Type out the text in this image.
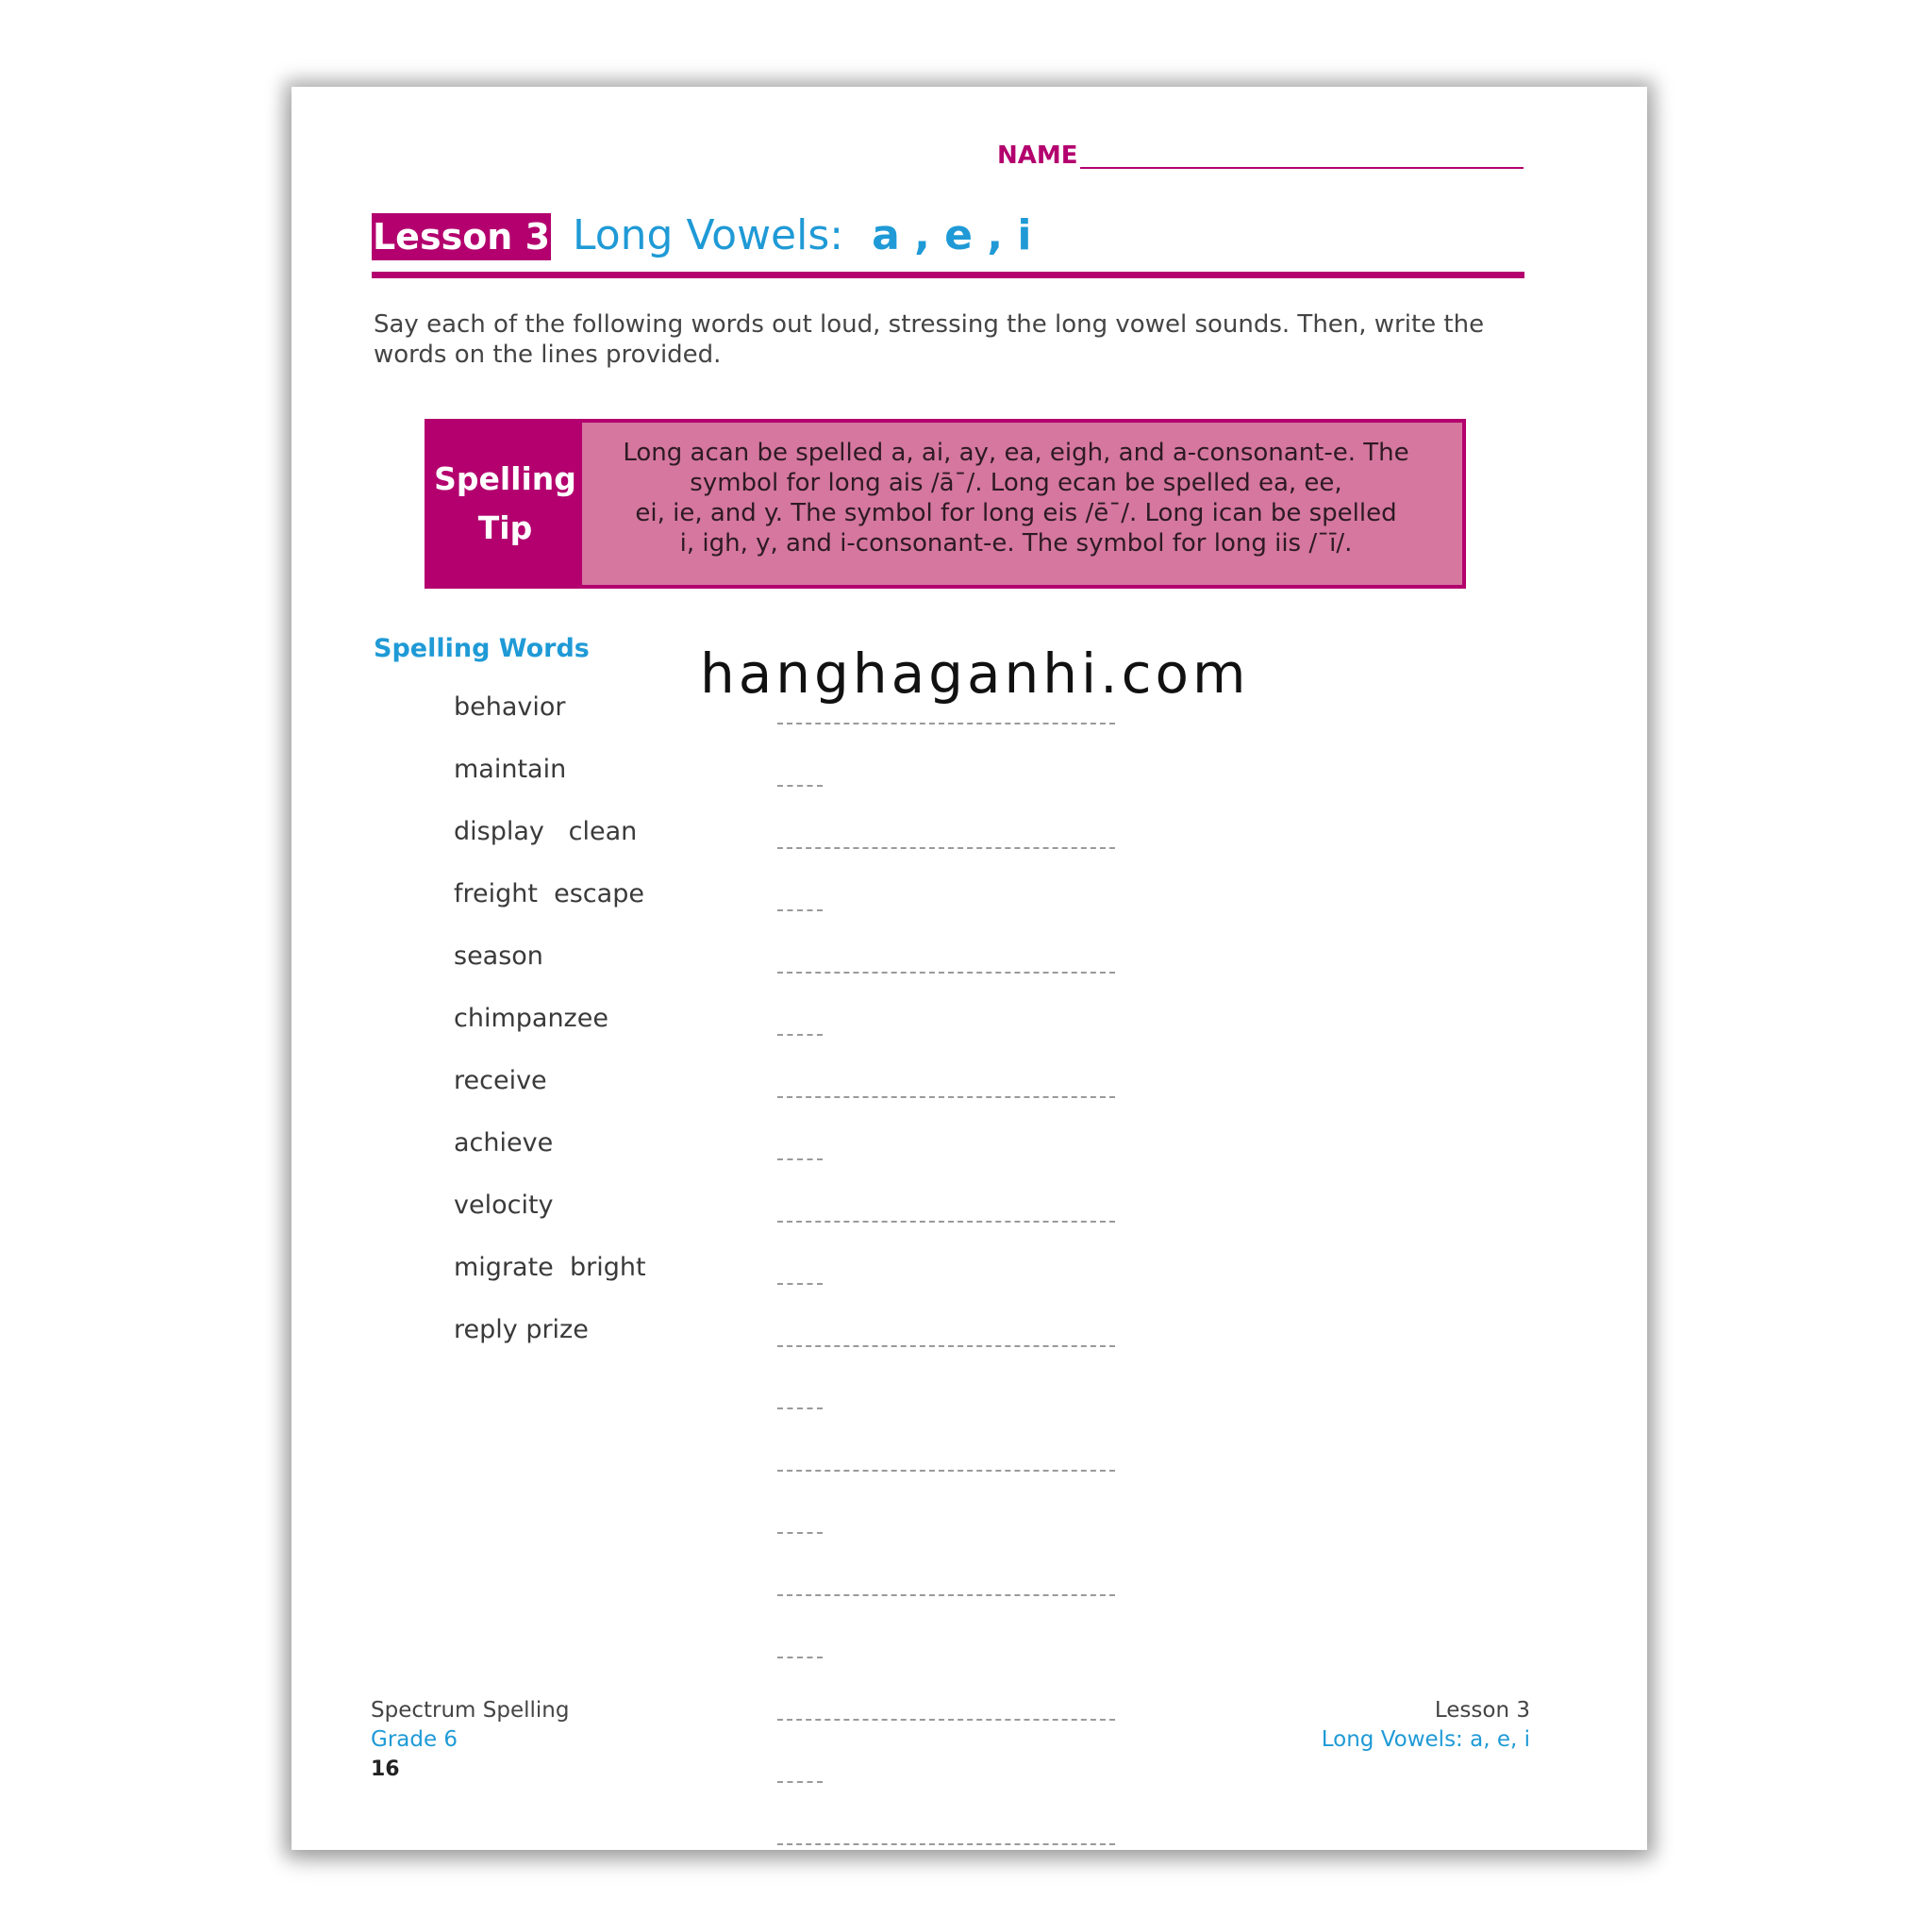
NAME
Lesson 3 Long Vowels: a , e , i
Say each of the following words out loud, stressing the long vowel sounds. Then, write the words on the lines provided.
Spelling
Tip
Long acan be spelled a, ai, ay, ea, eigh, and a-consonant-e. The
symbol for long ais /ā¯/. Long ecan be spelled ea, ee,
ei, ie, and y. The symbol for long eis /ē¯/. Long ican be spelled
i, igh, y, and i-consonant-e. The symbol for long iis /¯ī/.
Spelling Words
behavior
maintain
display   clean
freight  escape
season
chimpanzee
receive
achieve
velocity
migrate  bright
reply prize
Spectrum Spelling
Grade 6
16
Lesson 3
Long Vowels: a, e, i
hanghaganhi.com
